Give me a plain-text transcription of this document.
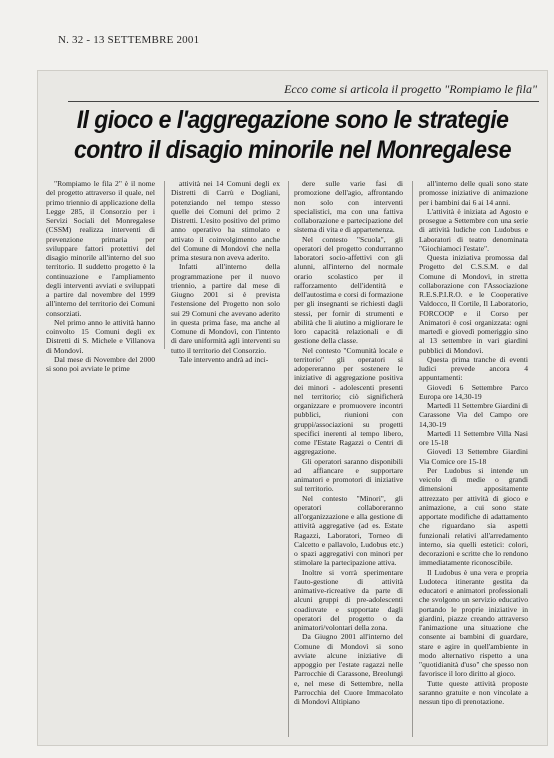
N. 32 - 13 SETTEMBRE 2001
Ecco come si articola il progetto "Rompiamo le fila"
Il gioco e l'aggregazione sono le strategie
contro il disagio minorile nel Monregalese

"Rompiamo le fila 2" è il nome del progetto attraverso il quale, nel primo triennio di applicazione della Legge 285, il Consorzio per i Servizi Sociali del Monregalese (CSSM) realizza interventi di prevenzione primaria per sviluppare fattori protettivi del disagio minorile all'interno del suo territorio. Il suddetto progetto è la continuazione e l'ampliamento degli interventi avviati e sviluppati a partire dal novembre del 1999 all'interno del territorio dei Comuni consorziati.

Nel primo anno le attività hanno coinvolto 15 Comuni degli ex Distretti di S. Michele e Villanova di Mondovì.

Dal mese di Novembre del 2000 si sono poi avviate le prime

attività nei 14 Comuni degli ex Distretti di Carrù e Dogliani, potenziando nel tempo stesso quelle dei Comuni del primo 2 Distretti. L'esito positivo del primo anno operativo ha stimolato e attivato il coinvolgimento anche del Comune di Mondovì che nella prima stesura non aveva aderito.

Infatti all'interno della programmazione per il nuovo triennio, a partire dal mese di Giugno 2001 si è prevista l'estensione del Progetto non solo sui 29 Comuni che avevano aderito in questa prima fase, ma anche al Comune di Mondovì, con l'intento di dare uniformità agli interventi su tutto il territorio del Consorzio.

Tale intervento andrà ad inci-

dere sulle varie fasi di promozione dell'agio, affrontando non solo con interventi specialistici, ma con una fattiva collaborazione e partecipazione del sistema di vita e di appartenenza.

Nel contesto "Scuola", gli operatori del progetto condurranno laboratori socio-affettivi con gli alunni, all'interno del normale orario scolastico per il rafforzamento dell'identità e dell'autostima e corsi di formazione per gli insegnanti se richiesti dagli stessi, per fornir di strumenti e abilità che li aiutino a migliorare le loro capacità relazionali e di gestione della classe.

Nel contesto "Comunità locale e territorio" gli operatori si adopereranno per sostenere le iniziative di aggregazione positiva dei minori - adolescenti presenti nel territorio; ciò significherà organizzare e promuovere incontri pubblici, riunioni con gruppi/associazioni su progetti specifici inerenti al tempo libero, come l'Estate Ragazzi o Centri di aggregazione.

Gli operatori saranno disponibili ad affiancare e supportare animatori e promotori di iniziative sul territorio.

Nel contesto "Minori", gli operatori collaboreranno all'organizzazione e alla gestione di attività aggregative (ad es. Estate Ragazzi, Laboratori, Torneo di Calcetto e pallavolo, Ludobus etc.) o spazi aggregativi con minori per stimolare la partecipazione attiva.

Inoltre si vorrà sperimentare l'auto-gestione di attività animative-ricreative da parte di alcuni gruppi di pre-adolescenti coadiuvate e supportate dagli operatori del progetto o da animatori/volontari della zona.

Da Giugno 2001 all'interno del Comune di Mondovì si sono avviate alcune iniziative di appoggio per l'estate ragazzi nelle Parrocchie di Carassone, Breolungi e, nel mese di Settembre, nella Parrocchia del Cuore Immacolato di Mondovì Altipiano

all'interno delle quali sono state promosse iniziative di animazione per i bambini dai 6 ai 14 anni.

L'attività è iniziata ad Agosto e prosegue a Settembre con una serie di attività ludiche con Ludobus e Laboratori di teatro denominata "Giochiamoci l'estate".

Questa iniziativa promossa dal Progetto del C.S.S.M. e dal Comune di Mondovì, in stretta collaborazione con l'Associazione R.E.S.P.I.R.O. e le Cooperative Valdocco, Il Cortile, Il Laboratorio, FORCOOP e il Corso per Animatori è così organizzata: ogni martedì e giovedì pomeriggio sino al 13 settembre in vari giardini pubblici di Mondovì.

Questa prima tranche di eventi ludici prevede ancora 4 appuntamenti:

Giovedì 6 Settembre Parco Europa ore 14,30-19

Martedì 11 Settembre Giardini di Carassone Via del Campo ore 14,30-19

Martedì 11 Settembre Villa Nasi ore 15-18

Giovedì 13 Settembre Giardini Via Comice ore 15-18

Per Ludobus si intende un veicolo di medie o grandi dimensioni appositamente attrezzato per attività di gioco e animazione, a cui sono state apportate modifiche di adattamento che riguardano sia aspetti funzionali relativi all'arredamento interno, sia quelli estetici: colori, decorazioni e scritte che lo rendono immediatamente riconoscibile.

Il Ludobus è una vera e propria Ludoteca itinerante gestita da educatori e animatori professionali che svolgono un servizio educativo portando le proprie iniziative in giardini, piazze creando attraverso l'animazione una situazione che consente ai bambini di guardare, stare e agire in quell'ambiente in modo alternativo rispetto a una "quotidianità d'uso" che spesso non favorisce il loro diritto al gioco.

Tutte queste attività proposte saranno gratuite e non vincolate a nessun tipo di prenotazione.
